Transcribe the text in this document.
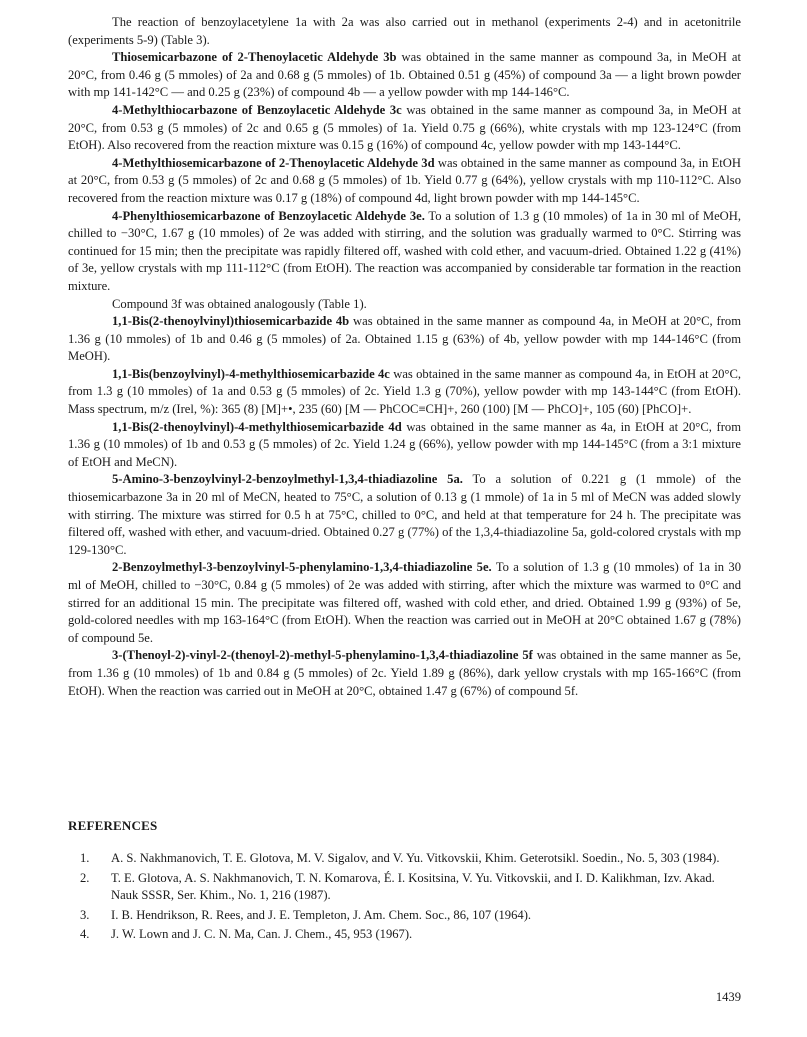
The reaction of benzoylacetylene 1a with 2a was also carried out in methanol (experiments 2-4) and in acetonitrile (experiments 5-9) (Table 3).

Thiosemicarbazone of 2-Thenoylacetic Aldehyde 3b was obtained in the same manner as compound 3a, in MeOH at 20°C, from 0.46 g (5 mmoles) of 2a and 0.68 g (5 mmoles) of 1b. Obtained 0.51 g (45%) of compound 3a — a light brown powder with mp 141-142°C — and 0.25 g (23%) of compound 4b — a yellow powder with mp 144-146°C.

4-Methylthiocarbazone of Benzoylacetic Aldehyde 3c was obtained in the same manner as compound 3a, in MeOH at 20°C, from 0.53 g (5 mmoles) of 2c and 0.65 g (5 mmoles) of 1a. Yield 0.75 g (66%), white crystals with mp 123-124°C (from EtOH). Also recovered from the reaction mixture was 0.15 g (16%) of compound 4c, yellow powder with mp 143-144°C.

4-Methylthiosemicarbazone of 2-Thenoylacetic Aldehyde 3d was obtained in the same manner as compound 3a, in EtOH at 20°C, from 0.53 g (5 mmoles) of 2c and 0.68 g (5 mmoles) of 1b. Yield 0.77 g (64%), yellow crystals with mp 110-112°C. Also recovered from the reaction mixture was 0.17 g (18%) of compound 4d, light brown powder with mp 144-145°C.

4-Phenylthiosemicarbazone of Benzoylacetic Aldehyde 3e. To a solution of 1.3 g (10 mmoles) of 1a in 30 ml of MeOH, chilled to −30°C, 1.67 g (10 mmoles) of 2e was added with stirring, and the solution was gradually warmed to 0°C. Stirring was continued for 15 min; then the precipitate was rapidly filtered off, washed with cold ether, and vacuum-dried. Obtained 1.22 g (41%) of 3e, yellow crystals with mp 111-112°C (from EtOH). The reaction was accompanied by considerable tar formation in the reaction mixture.

Compound 3f was obtained analogously (Table 1).

1,1-Bis(2-thenoylvinyl)thiosemicarbazide 4b was obtained in the same manner as compound 4a, in MeOH at 20°C, from 1.36 g (10 mmoles) of 1b and 0.46 g (5 mmoles) of 2a. Obtained 1.15 g (63%) of 4b, yellow powder with mp 144-146°C (from MeOH).

1,1-Bis(benzoylvinyl)-4-methylthiosemicarbazide 4c was obtained in the same manner as compound 4a, in EtOH at 20°C, from 1.3 g (10 mmoles) of 1a and 0.53 g (5 mmoles) of 2c. Yield 1.3 g (70%), yellow powder with mp 143-144°C (from EtOH). Mass spectrum, m/z (Irel, %): 365 (8) [M]+•, 235 (60) [M — PhCOC≡CH]+, 260 (100) [M — PhCO]+, 105 (60) [PhCO]+.

1,1-Bis(2-thenoylvinyl)-4-methylthiosemicarbazide 4d was obtained in the same manner as 4a, in EtOH at 20°C, from 1.36 g (10 mmoles) of 1b and 0.53 g (5 mmoles) of 2c. Yield 1.24 g (66%), yellow powder with mp 144-145°C (from a 3:1 mixture of EtOH and MeCN).

5-Amino-3-benzoylvinyl-2-benzoylmethyl-1,3,4-thiadiazoline 5a. To a solution of 0.221 g (1 mmole) of the thiosemicarbazone 3a in 20 ml of MeCN, heated to 75°C, a solution of 0.13 g (1 mmole) of 1a in 5 ml of MeCN was added slowly with stirring. The mixture was stirred for 0.5 h at 75°C, chilled to 0°C, and held at that temperature for 24 h. The precipitate was filtered off, washed with ether, and vacuum-dried. Obtained 0.27 g (77%) of the 1,3,4-thiadiazoline 5a, gold-colored crystals with mp 129-130°C.

2-Benzoylmethyl-3-benzoylvinyl-5-phenylamino-1,3,4-thiadiazoline 5e. To a solution of 1.3 g (10 mmoles) of 1a in 30 ml of MeOH, chilled to −30°C, 0.84 g (5 mmoles) of 2e was added with stirring, after which the mixture was warmed to 0°C and stirred for an additional 15 min. The precipitate was filtered off, washed with cold ether, and dried. Obtained 1.99 g (93%) of 5e, gold-colored needles with mp 163-164°C (from EtOH). When the reaction was carried out in MeOH at 20°C obtained 1.67 g (78%) of compound 5e.

3-(Thenoyl-2)-vinyl-2-(thenoyl-2)-methyl-5-phenylamino-1,3,4-thiadiazoline 5f was obtained in the same manner as 5e, from 1.36 g (10 mmoles) of 1b and 0.84 g (5 mmoles) of 2c. Yield 1.89 g (86%), dark yellow crystals with mp 165-166°C (from EtOH). When the reaction was carried out in MeOH at 20°C, obtained 1.47 g (67%) of compound 5f.

REFERENCES
1. A. S. Nakhmanovich, T. E. Glotova, M. V. Sigalov, and V. Yu. Vitkovskii, Khim. Geterotsikl. Soedin., No. 5, 303 (1984).
2. T. E. Glotova, A. S. Nakhmanovich, T. N. Komarova, É. I. Kositsina, V. Yu. Vitkovskii, and I. D. Kalikhman, Izv. Akad. Nauk SSSR, Ser. Khim., No. 1, 216 (1987).
3. I. B. Hendrikson, R. Rees, and J. E. Templeton, J. Am. Chem. Soc., 86, 107 (1964).
4. J. W. Lown and J. C. N. Ma, Can. J. Chem., 45, 953 (1967).
1439
